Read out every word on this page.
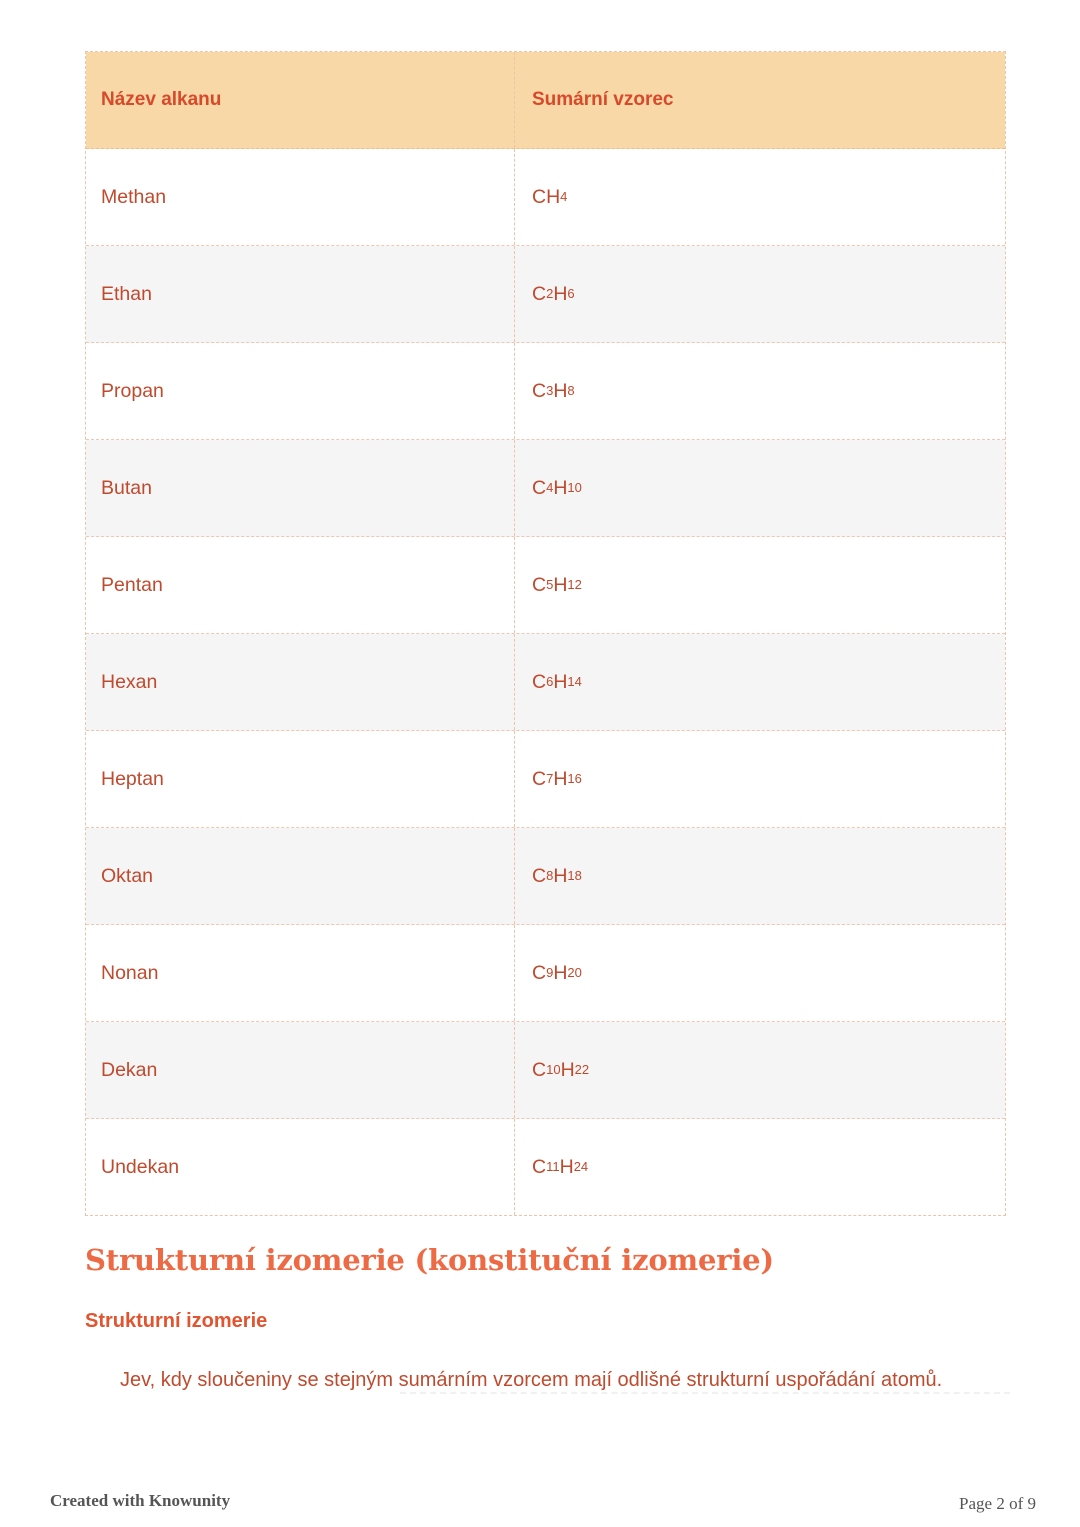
Název alkanu	Sumární vzorec
Methan	CH 4
Ethan	C 2 H 6
Propan	C 3 H 8
Butan	C 4 H 10
Pentan	C 5 H 12
Hexan	C 6 H 14
Heptan	C 7 H 16
Oktan	C 8 H 18
Nonan	C 9 H 20
Dekan	C 10 H 22
Undekan	C 11 H 24
Strukturní izomerie (konstituční izomerie)
Strukturní izomerie

Jev, kdy sloučeniny se stejným sumárním vzorcem mají odlišné strukturní uspořádání atomů.

Created with Knowunity	Page 2 of 9
